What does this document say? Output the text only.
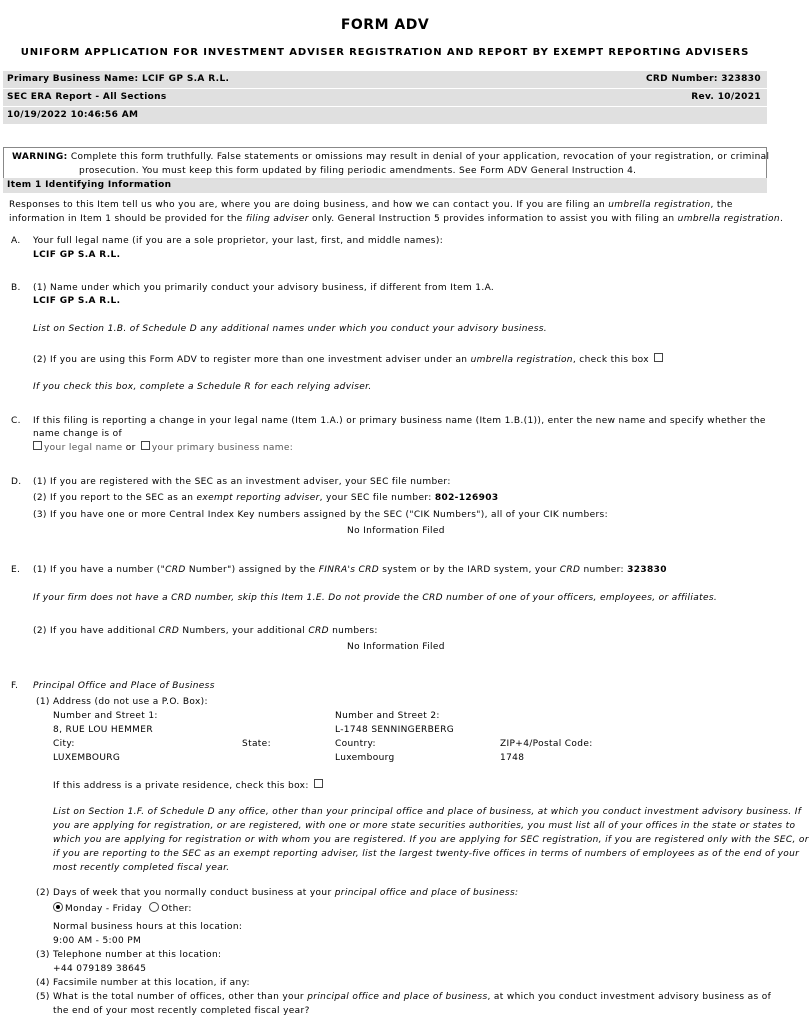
FORM ADV
UNIFORM APPLICATION FOR INVESTMENT ADVISER REGISTRATION AND REPORT BY EXEMPT REPORTING ADVISERS
Primary Business Name: LCIF GP S.A R.L.	CRD Number: 323830
SEC ERA Report - All Sections	Rev. 10/2021
10/19/2022 10:46:56 AM
WARNING: Complete this form truthfully. False statements or omissions may result in denial of your application, revocation of your registration, or criminal
prosecution. You must keep this form updated by filing periodic amendments. See Form ADV General Instruction 4.
Item 1 Identifying Information
Responses to this Item tell us who you are, where you are doing business, and how we can contact you. If you are filing an umbrella registration, the
information in Item 1 should be provided for the filing adviser only. General Instruction 5 provides information to assist you with filing an umbrella registration.
A. Your full legal name (if you are a sole proprietor, your last, first, and middle names):
LCIF GP S.A R.L.
B. (1) Name under which you primarily conduct your advisory business, if different from Item 1.A.
LCIF GP S.A R.L.
List on Section 1.B. of Schedule D any additional names under which you conduct your advisory business.
(2) If you are using this Form ADV to register more than one investment adviser under an umbrella registration, check this box
If you check this box, complete a Schedule R for each relying adviser.
C. If this filing is reporting a change in your legal name (Item 1.A.) or primary business name (Item 1.B.(1)), enter the new name and specify whether the
name change is of
your legal name or your primary business name:
D. (1) If you are registered with the SEC as an investment adviser, your SEC file number:
(2) If you report to the SEC as an exempt reporting adviser, your SEC file number: 802-126903
(3) If you have one or more Central Index Key numbers assigned by the SEC ("CIK Numbers"), all of your CIK numbers:
No Information Filed
E. (1) If you have a number ("CRD Number") assigned by the FINRA's CRD system or by the IARD system, your CRD number: 323830
If your firm does not have a CRD number, skip this Item 1.E. Do not provide the CRD number of one of your officers, employees, or affiliates.
(2) If you have additional CRD Numbers, your additional CRD numbers:
No Information Filed
F. Principal Office and Place of Business
(1) Address (do not use a P.O. Box):
Number and Street 1:
8, RUE LOU HEMMER
City:
LUXEMBOURG
State:
Number and Street 2:
L-1748 SENNINGERBERG
Country:
Luxembourg
ZIP+4/Postal Code:
1748
If this address is a private residence, check this box:
List on Section 1.F. of Schedule D any office, other than your principal office and place of business, at which you conduct investment advisory business. If
you are applying for registration, or are registered, with one or more state securities authorities, you must list all of your offices in the state or states to
which you are applying for registration or with whom you are registered. If you are applying for SEC registration, if you are registered only with the SEC, or
if you are reporting to the SEC as an exempt reporting adviser, list the largest twenty-five offices in terms of numbers of employees as of the end of your
most recently completed fiscal year.
(2) Days of week that you normally conduct business at your principal office and place of business:
Monday - Friday Other:
Normal business hours at this location:
9:00 AM - 5:00 PM
(3) Telephone number at this location:
+44 079189 38645
(4) Facsimile number at this location, if any:
(5) What is the total number of offices, other than your principal office and place of business, at which you conduct investment advisory business as of
the end of your most recently completed fiscal year?
